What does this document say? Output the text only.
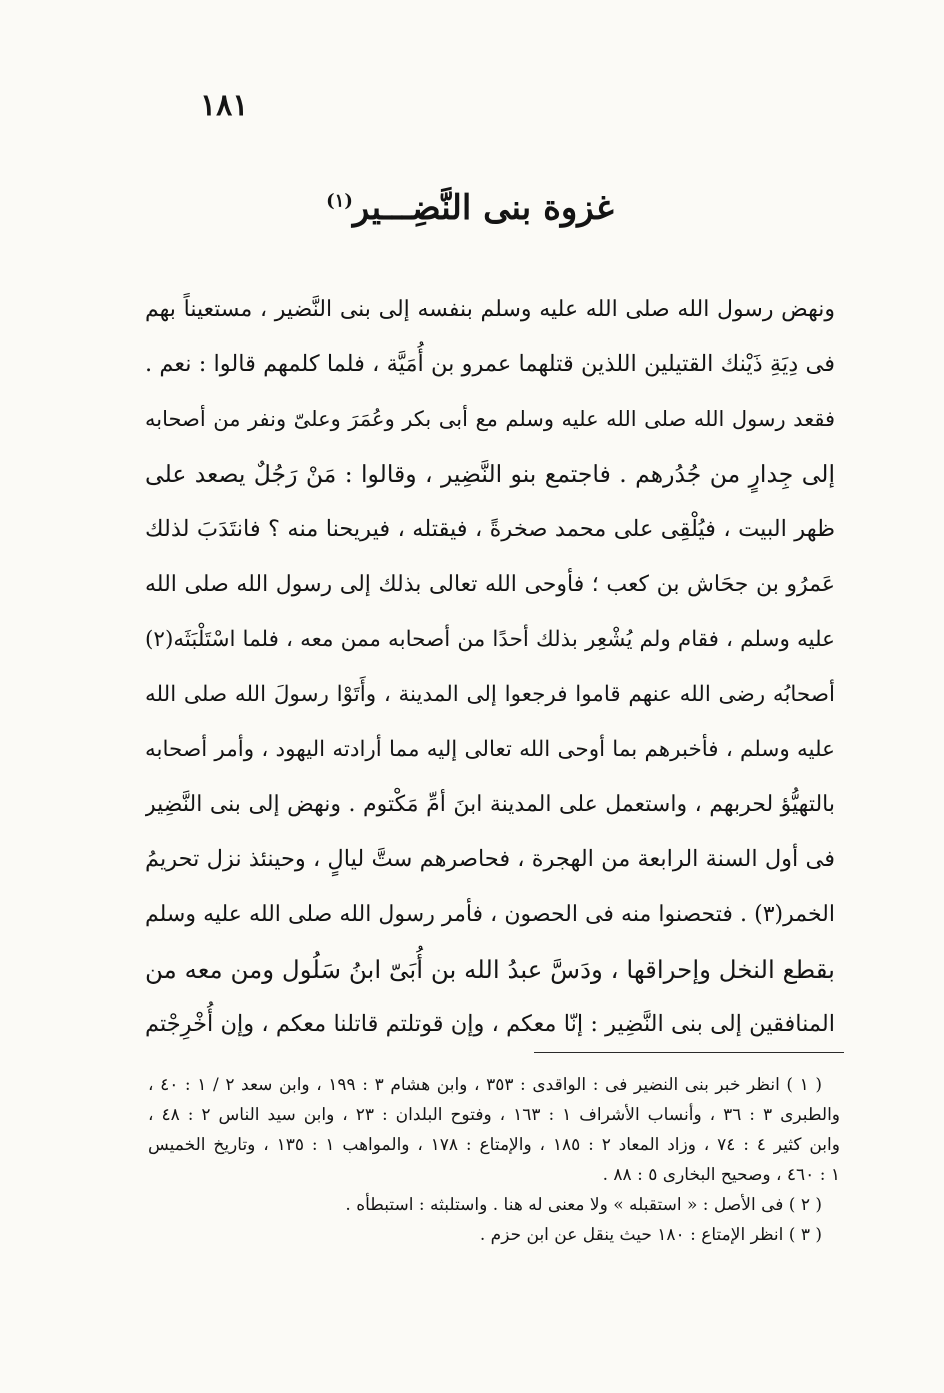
١٨١
غزوة بنى النَّضِـــير$^{(١)}$
ونهض رسول الله صلى الله عليه وسلم بنفسه إلى بنى النَّضير ، مستعيناً بهم
فى دِيَةِ ذَيْنك القتيلين اللذين قتلهما عمرو بن أُمَيَّة ، فلما كلمهم قالوا : نعم .
فقعد رسول الله صلى الله عليه وسلم مع أبى بكر وعُمَرَ وعلىّ ونفر من أصحابه
إلى جِدارٍ من جُدُرهم . فاجتمع بنو النَّضِير ، وقالوا : مَنْ رَجُلٌ يصعد على
ظهر البيت ، فيُلْقِى على محمد صخرةً ، فيقتله ، فيريحنا منه ؟ فانتَدَبَ لذلك
عَمرُو بن جحَاش بن كعب ؛ فأوحى الله تعالى بذلك إلى رسول الله صلى الله
عليه وسلم ، فقام ولم يُشْعِر بذلك أحدًا من أصحابه ممن معه ، فلما اسْتَلْبَثَه(٢)
أصحابُه رضى الله عنهم قاموا فرجعوا إلى المدينة ، وأَتَوْا رسولَ الله صلى الله
عليه وسلم ، فأخبرهم بما أوحى الله تعالى إليه مما أرادته اليهود ، وأمر أصحابه
بالتهيُّؤ لحربهم ، واستعمل على المدينة ابنَ أمِّ مَكْتوم . ونهض إلى بنى النَّضِير
فى أول السنة الرابعة من الهجرة ، فحاصرهم ستَّ ليالٍ ، وحينئذ نزل تحريمُ
الخمر(٣) . فتحصنوا منه فى الحصون ، فأمر رسول الله صلى الله عليه وسلم
بقطع النخل وإحراقها ، ودَسَّ عبدُ الله بن أُبَىّ ابنُ سَلُول ومن معه من
المنافقين إلى بنى النَّضِير : إنّا معكم ، وإن قوتلتم قاتلنا معكم ، وإن أُخْرِجْتم
( ١ ) انظر خبر بنى النضير فى : الواقدى : ٣٥٣ ، وابن هشام ٣ : ١٩٩ ، وابن سعد ٢ / ١ : ٤٠ ،
والطبرى ٣ : ٣٦ ، وأنساب الأشراف ١ : ١٦٣ ، وفتوح البلدان : ٢٣ ، وابن سيد الناس ٢ : ٤٨ ،
وابن كثير ٤ : ٧٤ ، وزاد المعاد ٢ : ١٨٥ ، والإمتاع : ١٧٨ ، والمواهب ١ : ١٣٥ ، وتاريخ الخميس
١ : ٤٦٠ ، وصحيح البخارى ٥ : ٨٨ .
( ٢ ) فى الأصل : « استقبله » ولا معنى له هنا . واستلبثه : استبطأه .
( ٣ ) انظر الإمتاع : ١٨٠ حيث ينقل عن ابن حزم .
